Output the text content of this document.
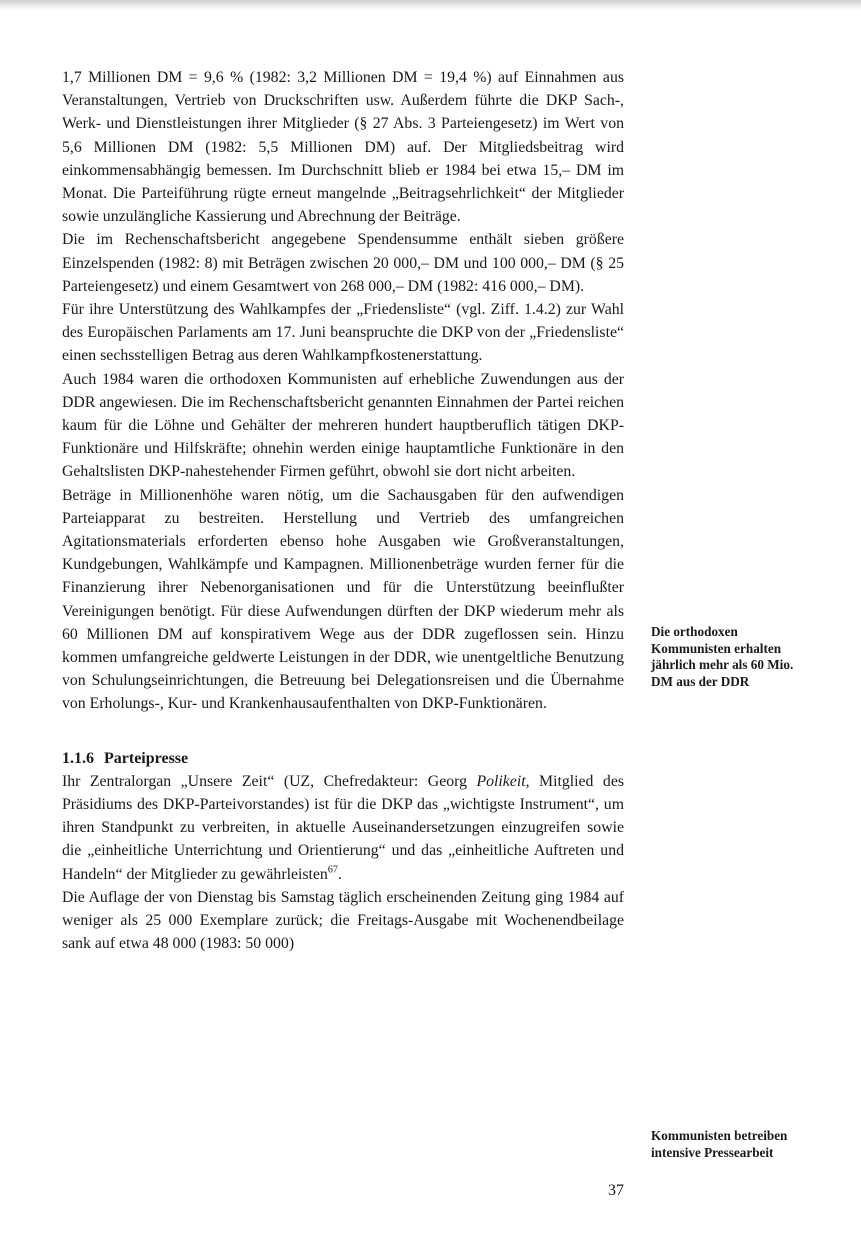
1,7 Millionen DM = 9,6 % (1982: 3,2 Millionen DM = 19,4 %) auf Einnahmen aus Veranstaltungen, Vertrieb von Druckschriften usw. Außerdem führte die DKP Sach-, Werk- und Dienstleistungen ihrer Mitglieder (§ 27 Abs. 3 Parteiengesetz) im Wert von 5,6 Millionen DM (1982: 5,5 Millionen DM) auf. Der Mitgliedsbeitrag wird einkommensabhängig bemessen. Im Durchschnitt blieb er 1984 bei etwa 15,– DM im Monat. Die Parteiführung rügte erneut mangelnde „Beitragsehrlichkeit“ der Mitglieder sowie unzulängliche Kassierung und Abrechnung der Beiträge.

Die im Rechenschaftsbericht angegebene Spendensumme enthält sieben größere Einzelspenden (1982: 8) mit Beträgen zwischen 20 000,– DM und 100 000,– DM (§ 25 Parteiengesetz) und einem Gesamtwert von 268 000,– DM (1982: 416 000,– DM).

Für ihre Unterstützung des Wahlkampfes der „Friedensliste“ (vgl. Ziff. 1.4.2) zur Wahl des Europäischen Parlaments am 17. Juni beanspruchte die DKP von der „Friedensliste“ einen sechsstelligen Betrag aus deren Wahlkampfkostenerstattung.

Auch 1984 waren die orthodoxen Kommunisten auf erhebliche Zuwendungen aus der DDR angewiesen. Die im Rechenschaftsbericht genannten Einnahmen der Partei reichen kaum für die Löhne und Gehälter der mehreren hundert hauptberuflich tätigen DKP-Funktionäre und Hilfskräfte; ohnehin werden einige hauptamtliche Funktionäre in den Gehaltslisten DKP-nahestehender Firmen geführt, obwohl sie dort nicht arbeiten.

Beträge in Millionenhöhe waren nötig, um die Sachausgaben für den aufwendigen Parteiapparat zu bestreiten. Herstellung und Vertrieb des umfangreichen Agitationsmaterials erforderten ebenso hohe Ausgaben wie Großveranstaltungen, Kundgebungen, Wahlkämpfe und Kampagnen. Millionenbeträge wurden ferner für die Finanzierung ihrer Nebenorganisationen und für die Unterstützung beeinflußter Vereinigungen benötigt. Für diese Aufwendungen dürften der DKP wiederum mehr als 60 Millionen DM auf konspirativem Wege aus der DDR zugeflossen sein. Hinzu kommen umfangreiche geldwerte Leistungen in der DDR, wie unentgeltliche Benutzung von Schulungseinrichtungen, die Betreuung bei Delegationsreisen und die Übernahme von Erholungs-, Kur- und Krankenhausaufenthalten von DKP-Funktionären.

1.1.6 Parteipresse

Ihr Zentralorgan „Unsere Zeit“ (UZ, Chefredakteur: Georg Polikeit, Mitglied des Präsidiums des DKP-Parteivorstandes) ist für die DKP das „wichtigste Instrument“, um ihren Standpunkt zu verbreiten, in aktuelle Auseinandersetzungen einzugreifen sowie die „einheitliche Unterrichtung und Orientierung“ und das „einheitliche Auftreten und Handeln“ der Mitglieder zu gewährleisten$^{67}$.

Die Auflage der von Dienstag bis Samstag täglich erscheinenden Zeitung ging 1984 auf weniger als 25 000 Exemplare zurück; die Freitags-Ausgabe mit Wochenendbeilage sank auf etwa 48 000 (1983: 50 000)

Die orthodoxen Kommunisten erhalten jährlich mehr als 60 Mio. DM aus der DDR
Kommunisten betreiben intensive Pressearbeit
37
